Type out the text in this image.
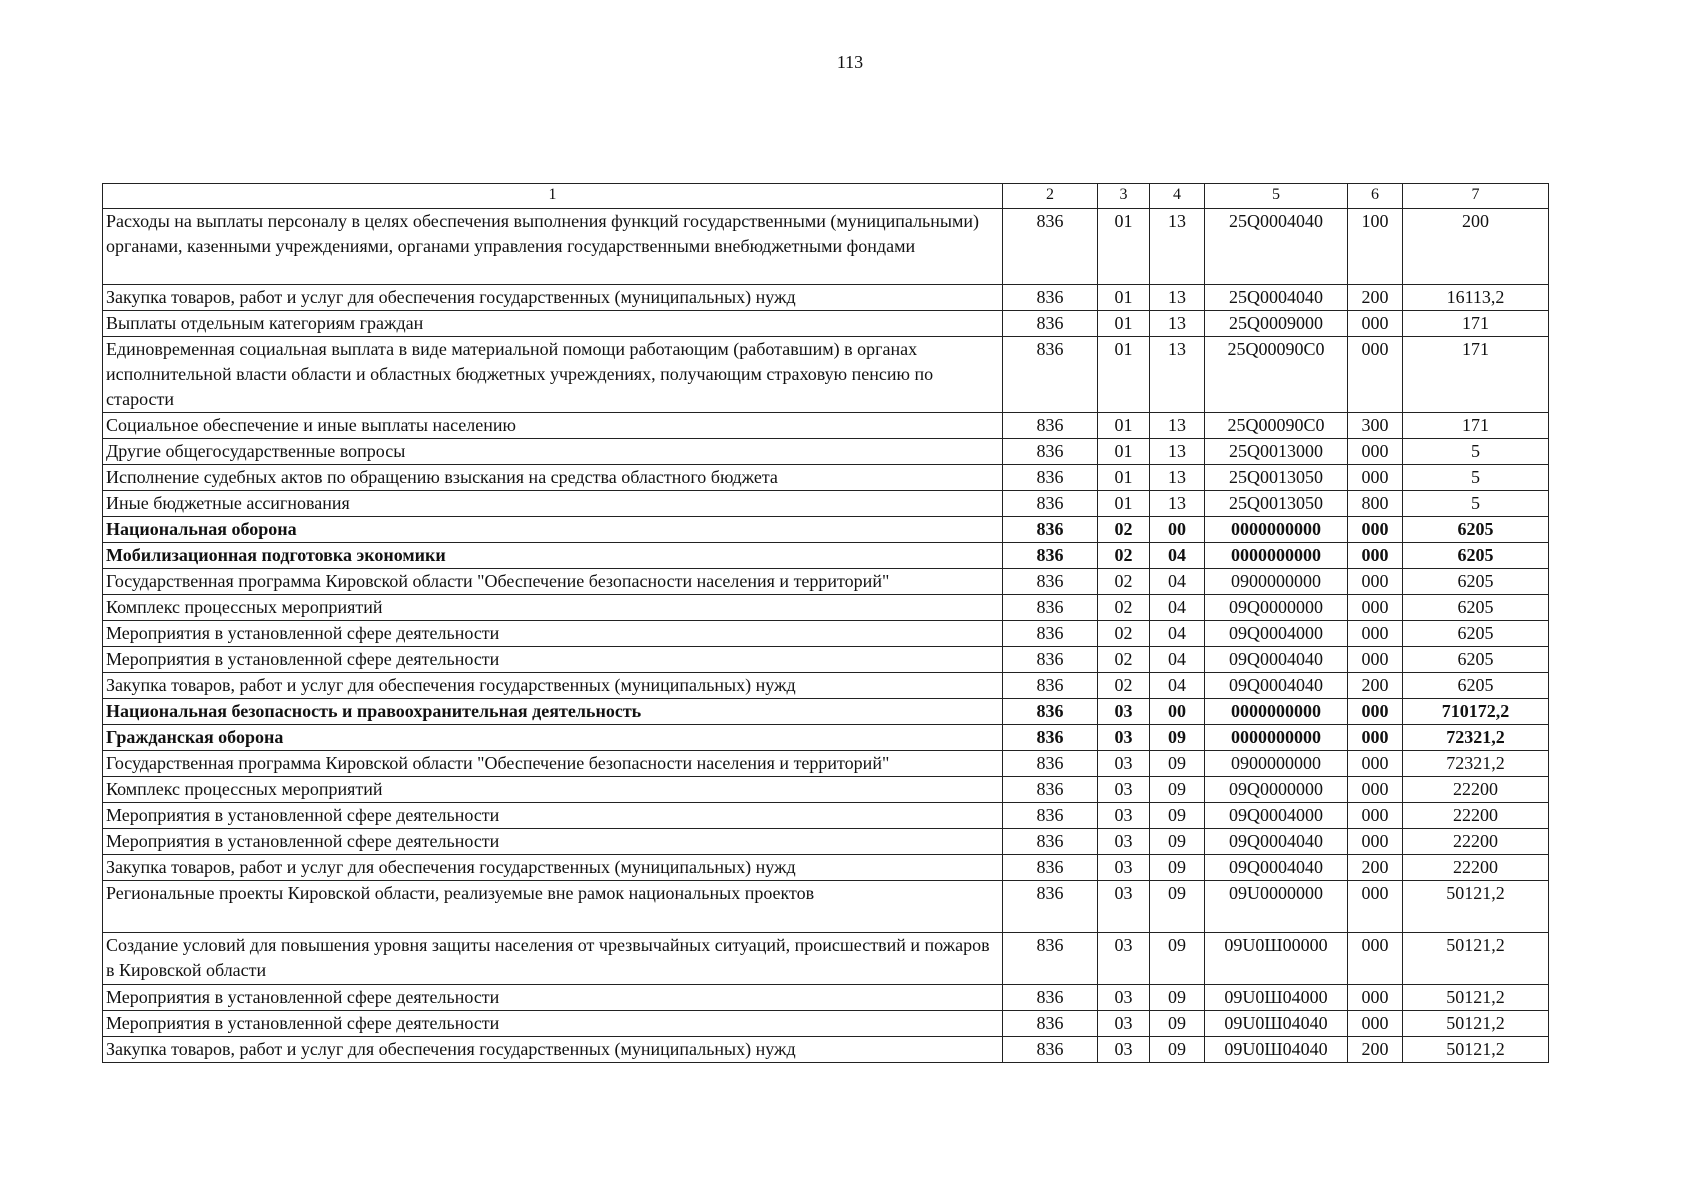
113
1	2	3	4	5	6	7
Расходы на выплаты персоналу в целях обеспечения выполнения функций государственными (муниципальными) органами, казенными учреждениями, органами управления государственными внебюджетными фондами	836	01	13	25Q0004040	100	200
Закупка товаров, работ и услуг для обеспечения государственных (муниципальных) нужд	836	01	13	25Q0004040	200	16113,2
Выплаты отдельным категориям граждан	836	01	13	25Q0009000	000	171
Единовременная социальная выплата в виде материальной помощи работающим (работавшим) в органах исполнительной власти области и областных бюджетных учреждениях, получающим страховую пенсию по старости	836	01	13	25Q00090C0	000	171
Социальное обеспечение и иные выплаты населению	836	01	13	25Q00090C0	300	171
Другие общегосударственные вопросы	836	01	13	25Q0013000	000	5
Исполнение судебных актов по обращению взыскания на средства областного бюджета	836	01	13	25Q0013050	000	5
Иные бюджетные ассигнования	836	01	13	25Q0013050	800	5
Национальная оборона	836	02	00	0000000000	000	6205
Мобилизационная подготовка экономики	836	02	04	0000000000	000	6205
Государственная программа Кировской области "Обеспечение безопасности населения и территорий"	836	02	04	0900000000	000	6205
Комплекс процессных мероприятий	836	02	04	09Q0000000	000	6205
Мероприятия в установленной сфере деятельности	836	02	04	09Q0004000	000	6205
Мероприятия в установленной сфере деятельности	836	02	04	09Q0004040	000	6205
Закупка товаров, работ и услуг для обеспечения государственных (муниципальных) нужд	836	02	04	09Q0004040	200	6205
Национальная безопасность и правоохранительная деятельность	836	03	00	0000000000	000	710172,2
Гражданская оборона	836	03	09	0000000000	000	72321,2
Государственная программа Кировской области "Обеспечение безопасности населения и территорий"	836	03	09	0900000000	000	72321,2
Комплекс процессных мероприятий	836	03	09	09Q0000000	000	22200
Мероприятия в установленной сфере деятельности	836	03	09	09Q0004000	000	22200
Мероприятия в установленной сфере деятельности	836	03	09	09Q0004040	000	22200
Закупка товаров, работ и услуг для обеспечения государственных (муниципальных) нужд	836	03	09	09Q0004040	200	22200
Региональные проекты Кировской области, реализуемые вне рамок национальных проектов	836	03	09	09U0000000	000	50121,2
Создание условий для повышения уровня защиты населения от чрезвычайных ситуаций, происшествий и пожаров в Кировской области	836	03	09	09U0Ш00000	000	50121,2
Мероприятия в установленной сфере деятельности	836	03	09	09U0Ш04000	000	50121,2
Мероприятия в установленной сфере деятельности	836	03	09	09U0Ш04040	000	50121,2
Закупка товаров, работ и услуг для обеспечения государственных (муниципальных) нужд	836	03	09	09U0Ш04040	200	50121,2
